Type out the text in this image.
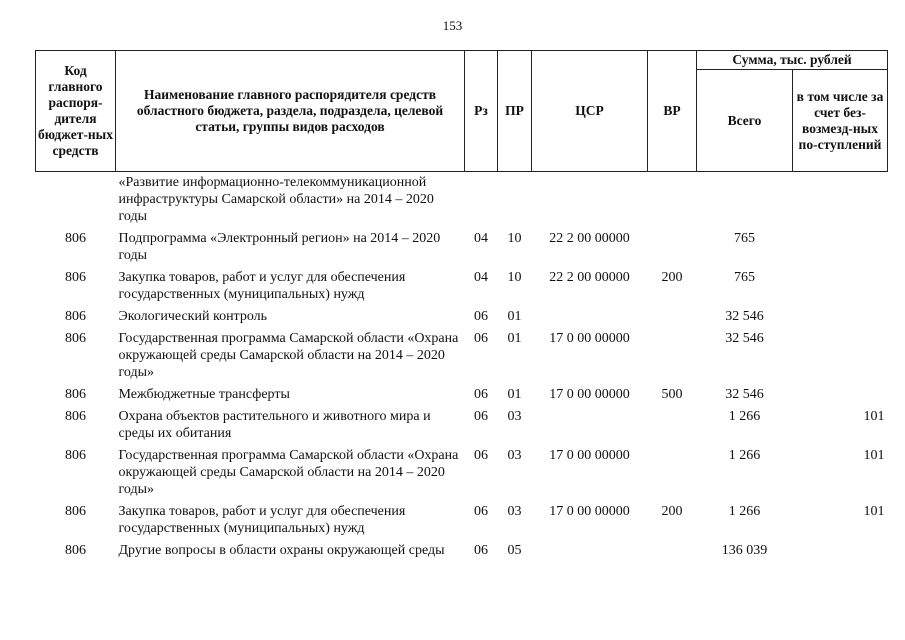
153
Код главного распоря-дителя бюджет-ных средств	Наименование главного распорядителя средств областного бюджета, раздела, подраздела, целевой статьи, группы видов расходов	Рз	ПР	ЦСР	ВР	Сумма, тыс. рублей	
						Всего	в том числе за счет без-возмезд-ных по-ступлений
	«Развитие информационно-телекоммуникационной инфраструктуры Самарской области» на 2014 – 2020 годы						
806	Подпрограмма «Электронный регион» на 2014 – 2020 годы	04	10	22 2 00 00000		765	
806	Закупка товаров, работ и услуг для обеспечения государственных (муниципальных) нужд	04	10	22 2 00 00000	200	765	
806	Экологический контроль	06	01			32 546	
806	Государственная программа Самарской области «Охрана окружающей среды Самарской области на 2014 – 2020 годы»	06	01	17 0 00 00000		32 546	
806	Межбюджетные трансферты	06	01	17 0 00 00000	500	32 546	
806	Охрана объектов растительного и животного мира и среды их обитания	06	03			1 266	101
806	Государственная программа Самарской области «Охрана окружающей среды Самарской области на 2014 – 2020 годы»	06	03	17 0 00 00000		1 266	101
806	Закупка товаров, работ и услуг для обеспечения государственных (муниципальных) нужд	06	03	17 0 00 00000	200	1 266	101
806	Другие вопросы в области охраны окружающей среды	06	05			136 039	
